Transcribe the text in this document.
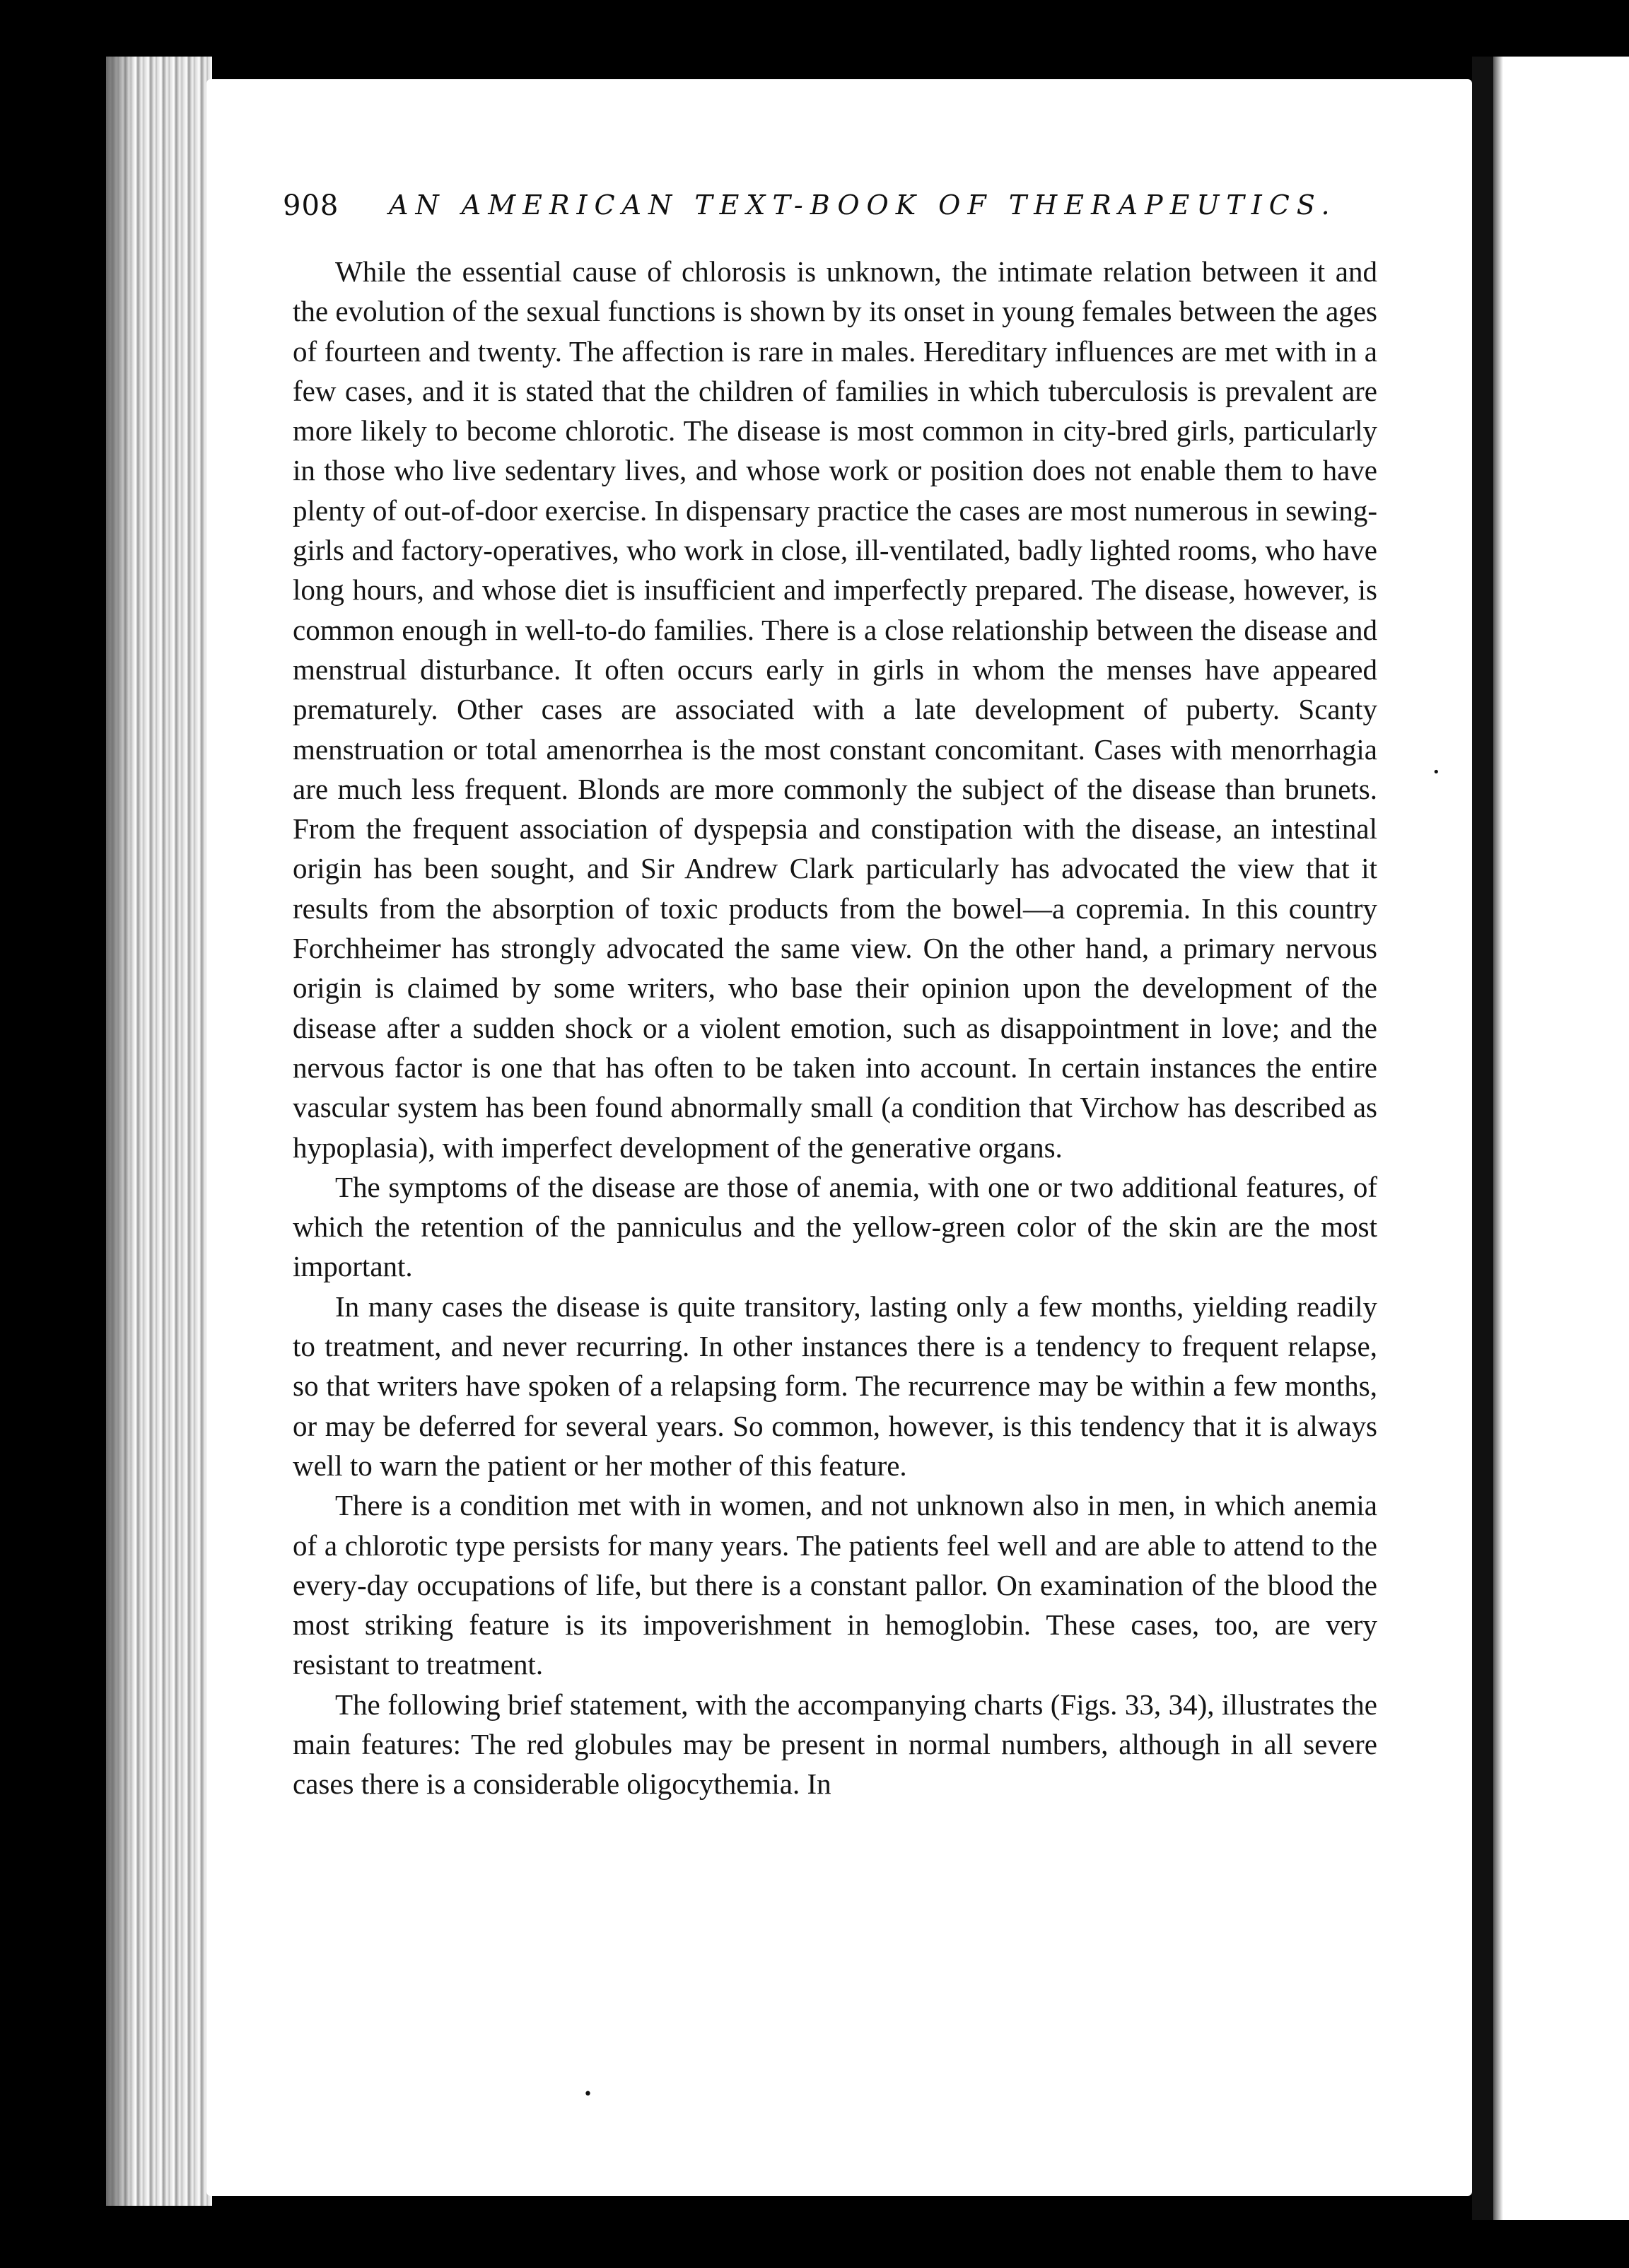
908 AN AMERICAN TEXT-BOOK OF THERAPEUTICS.

While the essential cause of chlorosis is unknown, the intimate relation between it and the evolution of the sexual functions is shown by its onset in young females between the ages of fourteen and twenty. The affection is rare in males. Hereditary influences are met with in a few cases, and it is stated that the children of families in which tuberculosis is prevalent are more likely to become chlorotic. The disease is most common in city-bred girls, particularly in those who live sedentary lives, and whose work or position does not enable them to have plenty of out-of-door exercise. In dispensary practice the cases are most numerous in sewing-girls and factory-operatives, who work in close, ill-ventilated, badly lighted rooms, who have long hours, and whose diet is insufficient and imperfectly prepared. The disease, however, is common enough in well-to-do families. There is a close relationship between the disease and menstrual disturbance. It often occurs early in girls in whom the menses have appeared prematurely. Other cases are associated with a late development of puberty. Scanty menstruation or total amenorrhea is the most constant concomitant. Cases with menorrhagia are much less frequent. Blonds are more commonly the subject of the disease than brunets. From the frequent association of dyspepsia and constipation with the disease, an intestinal origin has been sought, and Sir Andrew Clark particularly has advocated the view that it results from the absorption of toxic products from the bowel—a copremia. In this country Forchheimer has strongly advocated the same view. On the other hand, a primary nervous origin is claimed by some writers, who base their opinion upon the development of the disease after a sudden shock or a violent emotion, such as disappointment in love; and the nervous factor is one that has often to be taken into account. In certain instances the entire vascular system has been found abnormally small (a condition that Virchow has described as hypoplasia), with imperfect development of the generative organs.

The symptoms of the disease are those of anemia, with one or two additional features, of which the retention of the panniculus and the yellow-green color of the skin are the most important.

In many cases the disease is quite transitory, lasting only a few months, yielding readily to treatment, and never recurring. In other instances there is a tendency to frequent relapse, so that writers have spoken of a relapsing form. The recurrence may be within a few months, or may be deferred for several years. So common, however, is this tendency that it is always well to warn the patient or her mother of this feature.

There is a condition met with in women, and not unknown also in men, in which anemia of a chlorotic type persists for many years. The patients feel well and are able to attend to the every-day occupations of life, but there is a constant pallor. On examination of the blood the most striking feature is its impoverishment in hemoglobin. These cases, too, are very resistant to treatment.

The following brief statement, with the accompanying charts (Figs. 33, 34), illustrates the main features: The red globules may be present in normal numbers, although in all severe cases there is a considerable oligocythemia. In

•
•
